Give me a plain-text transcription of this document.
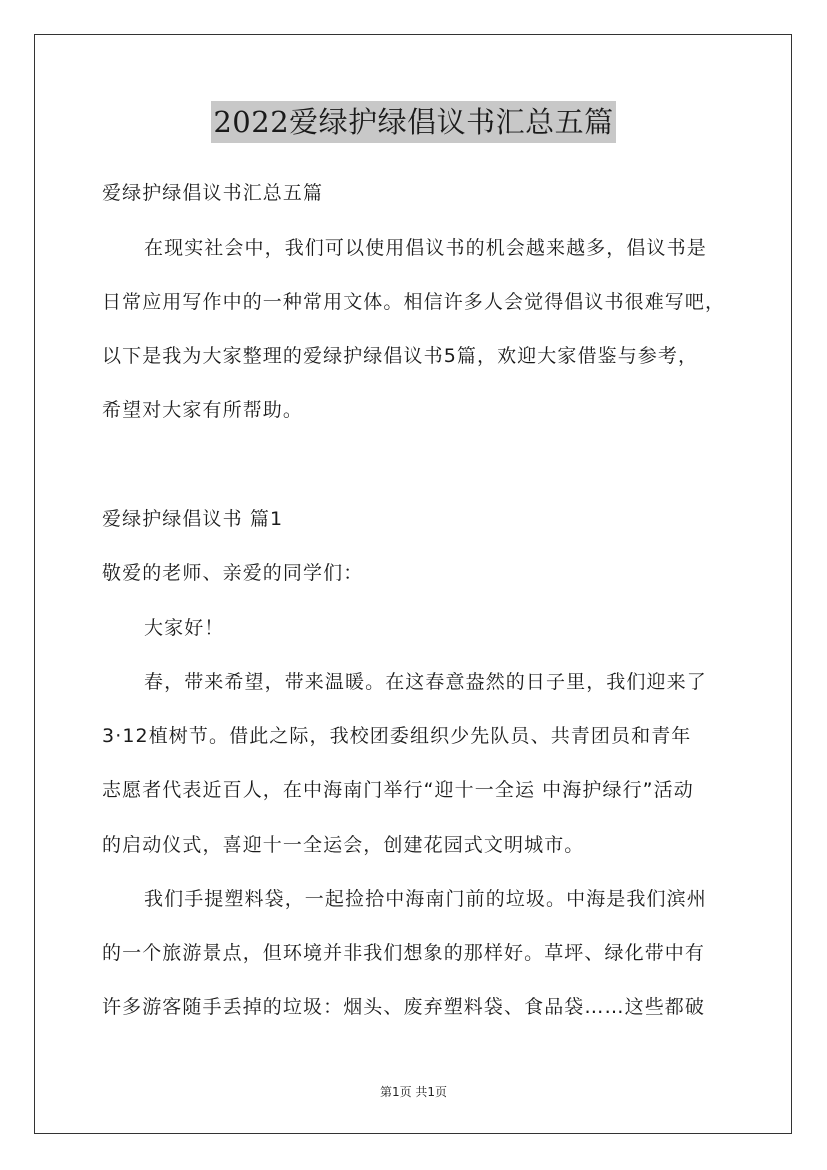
2022爱绿护绿倡议书汇总五篇
爱绿护绿倡议书汇总五篇
在现实社会中，我们可以使用倡议书的机会越来越多，倡议书是
日常应用写作中的一种常用文体。相信许多人会觉得倡议书很难写吧，
以下是我为大家整理的爱绿护绿倡议书5篇，欢迎大家借鉴与参考，
希望对大家有所帮助。
爱绿护绿倡议书 篇1
敬爱的老师、亲爱的同学们：
大家好！
春，带来希望，带来温暖。在这春意盎然的日子里，我们迎来了
3·12植树节。借此之际，我校团委组织少先队员、共青团员和青年
志愿者代表近百人，在中海南门举行“迎十一全运 中海护绿行”活动
的启动仪式，喜迎十一全运会，创建花园式文明城市。
我们手提塑料袋，一起捡拾中海南门前的垃圾。中海是我们滨州
的一个旅游景点，但环境并非我们想象的那样好。草坪、绿化带中有
许多游客随手丢掉的垃圾：烟头、废弃塑料袋、食品袋……这些都破
第1页 共1页
